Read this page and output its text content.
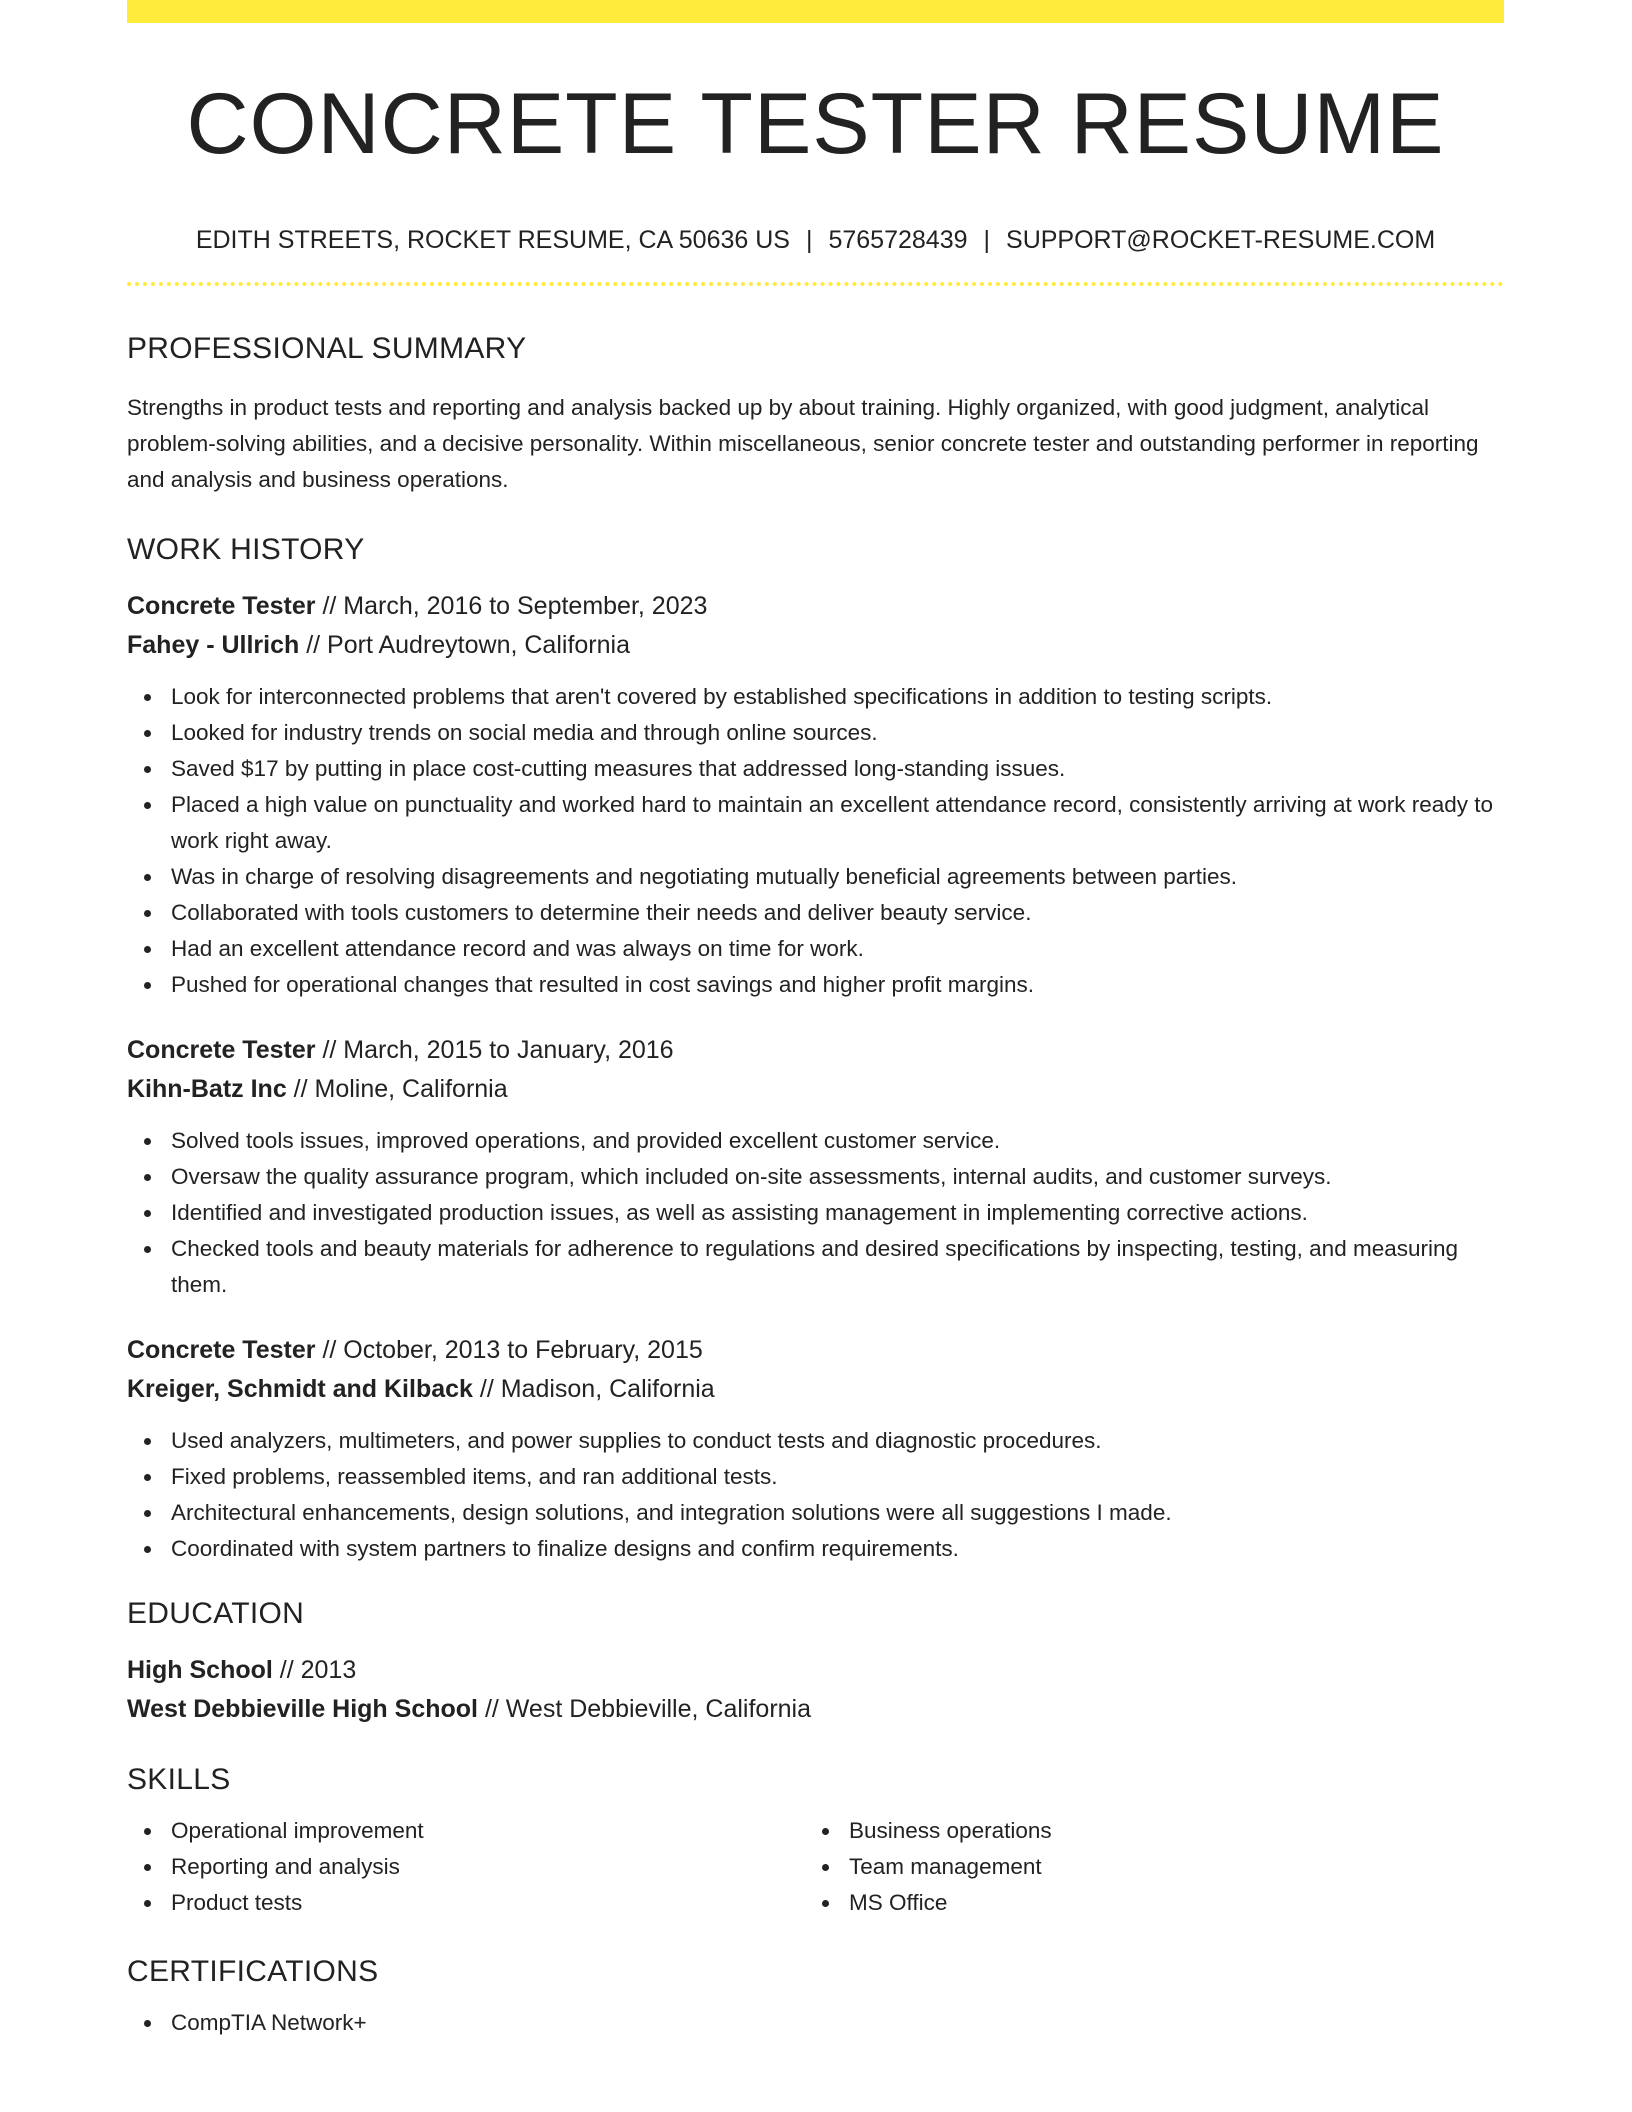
CONCRETE TESTER RESUME
EDITH STREETS, ROCKET RESUME, CA 50636 US | 5765728439 | SUPPORT@ROCKET-RESUME.COM
PROFESSIONAL SUMMARY

Strengths in product tests and reporting and analysis backed up by about training. Highly organized, with good judgment, analytical problem-solving abilities, and a decisive personality. Within miscellaneous, senior concrete tester and outstanding performer in reporting and analysis and business operations.

WORK HISTORY
Concrete Tester // March, 2016 to September, 2023
Fahey - Ullrich // Port Audreytown, California
Look for interconnected problems that aren't covered by established specifications in addition to testing scripts.
Looked for industry trends on social media and through online sources.
Saved $17 by putting in place cost-cutting measures that addressed long-standing issues.
Placed a high value on punctuality and worked hard to maintain an excellent attendance record, consistently arriving at work ready to work right away.
Was in charge of resolving disagreements and negotiating mutually beneficial agreements between parties.
Collaborated with tools customers to determine their needs and deliver beauty service.
Had an excellent attendance record and was always on time for work.
Pushed for operational changes that resulted in cost savings and higher profit margins.
Concrete Tester // March, 2015 to January, 2016
Kihn-Batz Inc // Moline, California
Solved tools issues, improved operations, and provided excellent customer service.
Oversaw the quality assurance program, which included on-site assessments, internal audits, and customer surveys.
Identified and investigated production issues, as well as assisting management in implementing corrective actions.
Checked tools and beauty materials for adherence to regulations and desired specifications by inspecting, testing, and measuring them.
Concrete Tester // October, 2013 to February, 2015
Kreiger, Schmidt and Kilback // Madison, California
Used analyzers, multimeters, and power supplies to conduct tests and diagnostic procedures.
Fixed problems, reassembled items, and ran additional tests.
Architectural enhancements, design solutions, and integration solutions were all suggestions I made.
Coordinated with system partners to finalize designs and confirm requirements.
EDUCATION
High School // 2013
West Debbieville High School // West Debbieville, California
SKILLS
Operational improvement
Reporting and analysis
Product tests
Business operations
Team management
MS Office
CERTIFICATIONS
CompTIA Network+
